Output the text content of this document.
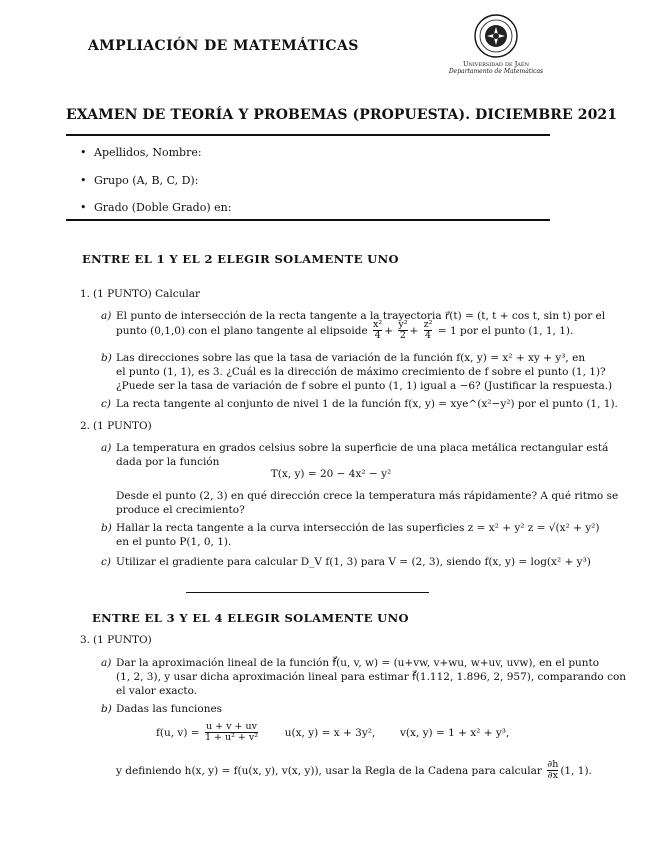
AMPLIACIÓN DE MATEMÁTICAS
Universidad de Jaén
Departamento de Matemáticas
EXAMEN DE TEORÍA Y PROBEMAS (PROPUESTA). DICIEMBRE 2021
• Apellidos, Nombre:
• Grupo (A, B, C, D):
• Grado (Doble Grado) en:
ENTRE EL 1 Y EL 2 ELEGIR SOLAMENTE UNO
1. (1 PUNTO) Calcular
a) El punto de intersección de la recta tangente a la trayectoria r⃗(t) = (t, t + cos t, sin t) por el
punto (0,1,0) con el plano tangente al elipsoide $\frac{\text{x²}}{4} + \frac{\text{y²}}{2} + \frac{\text{z²}}{4} = 1$ por el punto (1, 1, 1).
b) Las direcciones sobre las que la tasa de variación de la función f(x, y) = x² + xy + y³, en
el punto (1, 1), es 3. ¿Cuál es la dirección de máximo crecimiento de f sobre el punto (1, 1)?
¿Puede ser la tasa de variación de f sobre el punto (1, 1) igual a −6? (Justificar la respuesta.)
c) La recta tangente al conjunto de nivel 1 de la función f(x, y) = xye^(x²−y²) por el punto (1, 1).
2. (1 PUNTO)
a) La temperatura en grados celsius sobre la superficie de una placa metálica rectangular está
dada por la función
T(x, y) = 20 − 4x² − y²
Desde el punto (2, 3) en qué dirección crece la temperatura más rápidamente? A qué ritmo se
produce el crecimiento?
b) Hallar la recta tangente a la curva intersección de las superficies z = x² + y² z = √(x² + y²)
en el punto P(1, 0, 1).
c) Utilizar el gradiente para calcular D_V f(1, 3) para V = (2, 3), siendo f(x, y) = log(x² + y³)
ENTRE EL 3 Y EL 4 ELEGIR SOLAMENTE UNO
3. (1 PUNTO)
a) Dar la aproximación lineal de la función f⃗(u, v, w) = (u+vw, v+wu, w+uv, uvw), en el punto
(1, 2, 3), y usar dicha aproximación lineal para estimar f⃗(1.112, 1.896, 2, 957), comparando con
el valor exacto.
b) Dadas las funciones
f(u, $v) = \frac{u + v + uv}{\text{1 + u² + v²}}$	u(x, y) = x + 3y², v(x, y) = 1 + x² + y³,
y definiendo h(x, y) = f(u(x, y), v(x, y)), usar la Regla de la Cadena para calcular $\frac{\partial h}{\partial x} (1$, 1).
